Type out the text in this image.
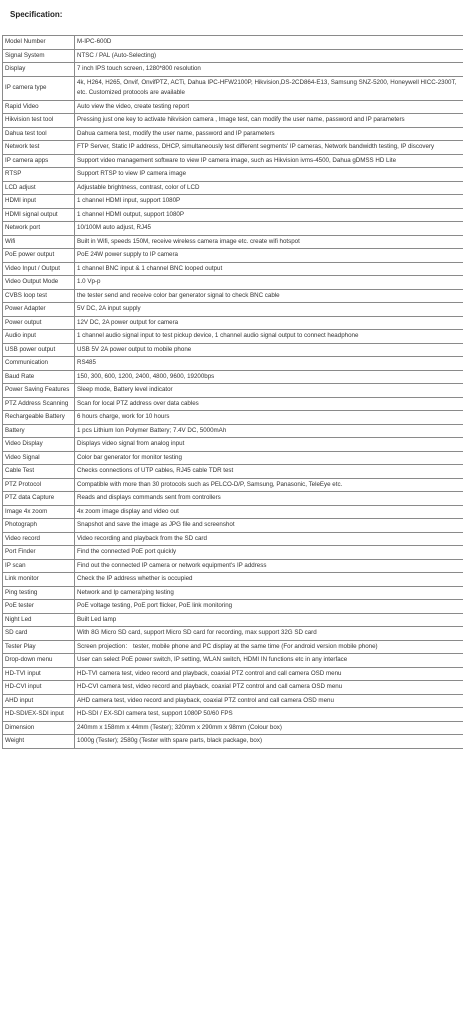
Specification:
Model Number	M-IPC-600D
Signal System	NTSC / PAL (Auto-Selecting)
Display	7 inch IPS touch screen, 1280*800 resolution
IP camera type	4k, H264, H265, Onvif, OnvifPTZ, ACTi, Dahua IPC-HFW2100P, Hikvision,DS-2CD864-E13, Samsung SNZ-5200, Honeywell HICC-2300T, etc. Customized protocols are available
Rapid Video	Auto view the video, create testing report
Hikvision test tool	Pressing just one key to activate hikvision camera , Image test, can modify the user name, password and IP parameters
Dahua test tool	Dahua camera test, modify the user name, password and IP parameters
Network test	FTP Server, Static IP address, DHCP, simultaneously test different segments' IP cameras, Network bandwidth testing, IP discovery
IP camera apps	Support video management software to view IP camera image, such as Hikvision ivms-4500, Dahua gDMSS HD Lite
RTSP	Support RTSP to view IP camera image
LCD adjust	Adjustable brightness, contrast, color of LCD
HDMI input	1 channel HDMI input, support 1080P
HDMI signal output	1 channel HDMI output, support 1080P
Network port	10/100M auto adjust, RJ45
Wifi	Built in Wifi, speeds 150M, receive wireless camera image etc. create wifi hotspot
PoE power output	PoE 24W power supply to IP camera
Video Input / Output	1 channel BNC input & 1 channel BNC looped output
Video Output Mode	1.0 Vp-p
CVBS loop test	the tester send and receive color bar generator signal to check BNC cable
Power Adapter	5V DC, 2A input supply
Power output	12V DC, 2A power output for camera
Audio input	1 channel audio signal input to test pickup device, 1 channel audio signal output to connect headphone
USB power output	USB 5V 2A power output to mobile phone
Communication	RS485
Baud Rate	150, 300, 600, 1200, 2400, 4800, 9600, 19200bps
Power Saving Features	Sleep mode, Battery level indicator
PTZ Address Scanning	Scan for local PTZ address over data cables
Rechargeable Battery	6 hours charge, work for 10 hours
Battery	1 pcs Lithium Ion Polymer Battery; 7.4V DC, 5000mAh
Video Display	Displays video signal from analog input
Video Signal	Color bar generator for monitor testing
Cable Test	Checks connections of UTP cables, RJ45 cable TDR test
PTZ Protocol	Compatible with more than 30 protocols such as PELCO-D/P, Samsung, Panasonic, TeleEye etc.
PTZ data Capture	Reads and displays commands sent from controllers
Image 4x zoom	4x zoom image display and video out
Photograph	Snapshot and save the image as JPG file and screenshot
Video record	Video recording and playback from the SD card
Port Finder	Find the connected PoE port quickly
IP scan	Find out the connected IP camera or network equipment's IP address
Link monitor	Check the IP address whether is occupied
Ping testing	Network and Ip camera'ping testing
PoE tester	PoE voltage testing, PoE port flicker, PoE link monitoring
Night Led	Built Led lamp
SD card	With 8G Micro SD card, support Micro SD card for recording, max support 32G SD card
Tester Play	Screen projection： tester, mobile phone and PC display at the same time (For android version mobile phone)
Drop-down menu	User can select PoE power switch, IP setting, WLAN switch, HDMI IN functions etc in any interface
HD-TVI input	HD-TVI camera test, video record and playback, coaxial PTZ control and call camera OSD menu
HD-CVI input	HD-CVI camera test, video record and playback, coaxial PTZ control and call camera OSD menu
AHD input	AHD camera test, video record and playback, coaxial PTZ control and call camera OSD menu
HD-SDI/EX-SDI input	HD-SDI / EX-SDI camera test, support 1080P 50/60 FPS
Dimension	240mm x 158mm x 44mm (Tester); 320mm x 290mm x 98mm (Colour box)
Weight	1000g (Tester); 2580g (Tester with spare parts, black package, box)
